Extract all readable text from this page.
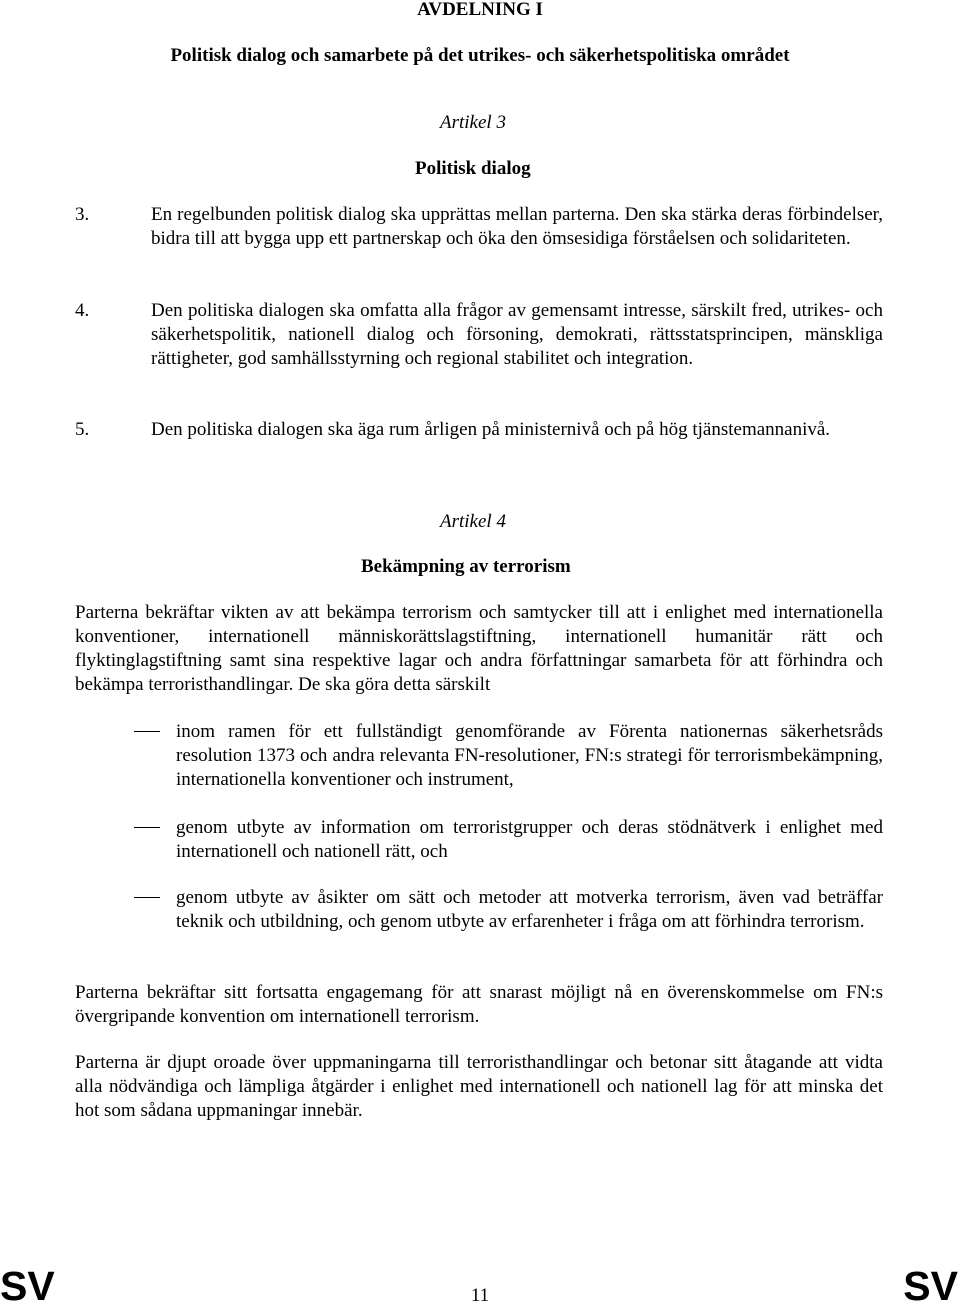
AVDELNING I
Politisk dialog och samarbete på det utrikes- och säkerhetspolitiska området
Artikel 3
Politisk dialog
3.	En regelbunden politisk dialog ska upprättas mellan parterna. Den ska stärka deras förbindelser, bidra till att bygga upp ett partnerskap och öka den ömsesidiga förståelsen och solidariteten.
4.	Den politiska dialogen ska omfatta alla frågor av gemensamt intresse, särskilt fred, utrikes- och säkerhetspolitik, nationell dialog och försoning, demokrati, rättsstatsprincipen, mänskliga rättigheter, god samhällsstyrning och regional stabilitet och integration.
5.	Den politiska dialogen ska äga rum årligen på ministernivå och på hög tjänstemannanivå.
Artikel 4
Bekämpning av terrorism
Parterna bekräftar vikten av att bekämpa terrorism och samtycker till att i enlighet med internationella konventioner, internationell människorättslagstiftning, internationell humanitär rätt och flyktinglagstiftning samt sina respektive lagar och andra författningar samarbeta för att förhindra och bekämpa terroristhandlingar. De ska göra detta särskilt
inom ramen för ett fullständigt genomförande av Förenta nationernas säkerhetsråds resolution 1373 och andra relevanta FN-resolutioner, FN:s strategi för terrorismbekämpning, internationella konventioner och instrument,
genom utbyte av information om terroristgrupper och deras stödnätverk i enlighet med internationell och nationell rätt, och
genom utbyte av åsikter om sätt och metoder att motverka terrorism, även vad beträffar teknik och utbildning, och genom utbyte av erfarenheter i fråga om att förhindra terrorism.
Parterna bekräftar sitt fortsatta engagemang för att snarast möjligt nå en överenskommelse om FN:s övergripande konvention om internationell terrorism.
Parterna är djupt oroade över uppmaningarna till terroristhandlingar och betonar sitt åtagande att vidta alla nödvändiga och lämpliga åtgärder i enlighet med internationell och nationell lag för att minska det hot som sådana uppmaningar innebär.
SV	11	SV
